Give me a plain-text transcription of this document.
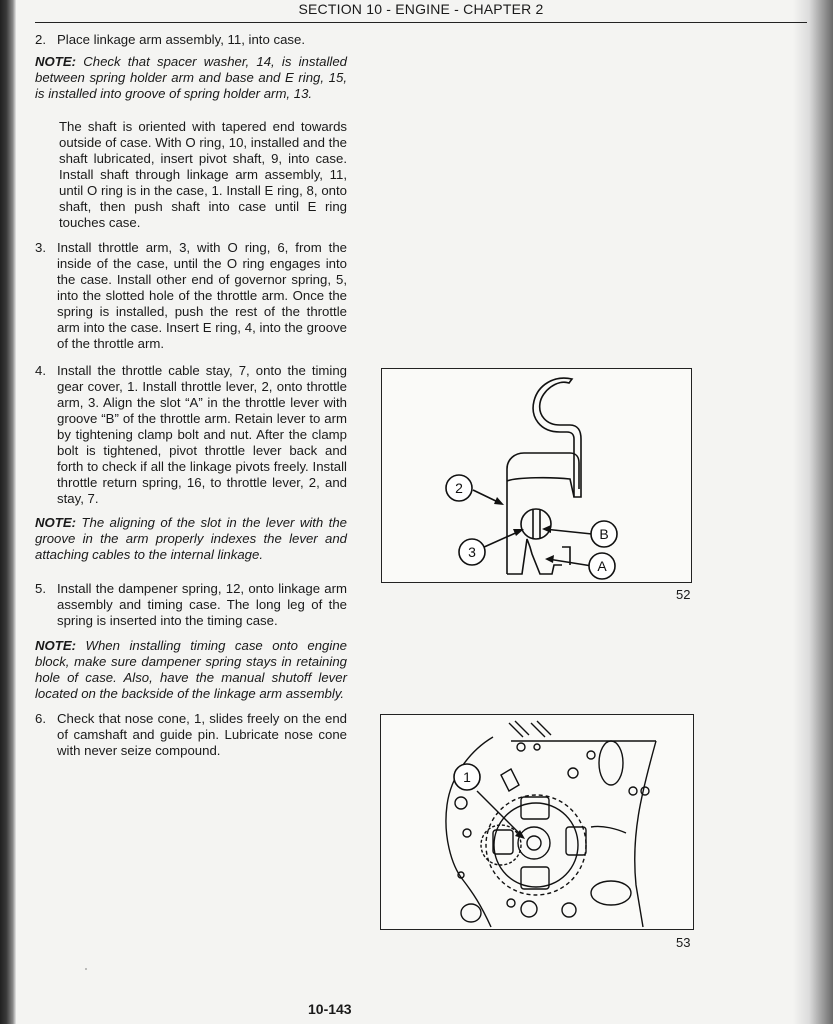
SECTION 10 - ENGINE - CHAPTER 2
2. Place linkage arm assembly, 11, into case.
NOTE: Check that spacer washer, 14, is installed between spring holder arm and base and E ring, 15, is installed into groove of spring holder arm, 13.
The shaft is oriented with tapered end towards outside of case. With O ring, 10, installed and the shaft lubricated, insert pivot shaft, 9, into case. Install shaft through linkage arm assembly, 11, until O ring is in the case, 1. Install E ring, 8, onto shaft, then push shaft into case until E ring touches case.
3. Install throttle arm, 3, with O ring, 6, from the inside of the case, until the O ring engages into the case. Install other end of governor spring, 5, into the slotted hole of the throttle arm. Once the spring is installed, push the rest of the throttle arm into the case. Insert E ring, 4, into the groove of the throttle arm.
4. Install the throttle cable stay, 7, onto the timing gear cover, 1. Install throttle lever, 2, onto throttle arm, 3. Align the slot “A” in the throttle lever with groove “B” of the throttle arm. Retain lever to arm by tightening clamp bolt and nut. After the clamp bolt is tightened, pivot throttle lever back and forth to check if all the linkage pivots freely. Install throttle return spring, 16, to throttle lever, 2, and stay, 7.
NOTE: The aligning of the slot in the lever with the groove in the arm properly indexes the lever and attaching cables to the internal linkage.
5. Install the dampener spring, 12, onto linkage arm assembly and timing case. The long leg of the spring is inserted into the timing case.
NOTE: When installing timing case onto engine block, make sure dampener spring stays in retaining hole of case. Also, have the manual shutoff lever located on the backside of the linkage arm assembly.
6. Check that nose cone, 1, slides freely on the end of camshaft and guide pin. Lubricate nose cone with never seize compound.
2
3
B
A
52
1
53
10-143
